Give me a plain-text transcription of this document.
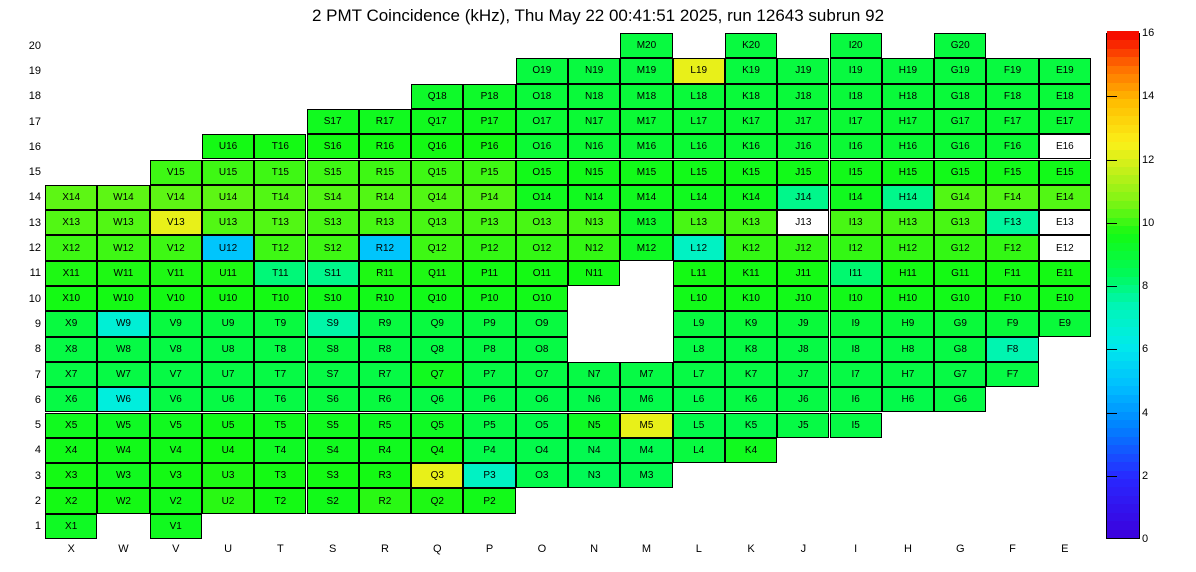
2 PMT Coincidence (kHz), Thu May 22 00:41:51 2025, run 12643 subrun 92
X1	V1
X2	W2	V2	U2	T2	S2	R2	Q2	P2
X3	W3	V3	U3	T3	S3	R3	Q3	P3	O3	N3	M3
X4	W4	V4	U4	T4	S4	R4	Q4	P4	O4	N4	M4	L4	K4
X5	W5	V5	U5	T5	S5	R5	Q5	P5	O5	N5	M5	L5	K5	J5	I5
X6	W6	V6	U6	T6	S6	R6	Q6	P6	O6	N6	M6	L6	K6	J6	I6	H6	G6
X7	W7	V7	U7	T7	S7	R7	Q7	P7	O7	N7	M7	L7	K7	J7	I7	H7	G7	F7
X8	W8	V8	U8	T8	S8	R8	Q8	P8	O8	L8	K8	J8	I8	H8	G8	F8
X9	W9	V9	U9	T9	S9	R9	Q9	P9	O9	L9	K9	J9	I9	H9	G9	F9	E9
X10	W10	V10	U10	T10	S10	R10	Q10	P10	O10	L10	K10	J10	I10	H10	G10	F10	E10
X11	W11	V11	U11	T11	S11	R11	Q11	P11	O11	N11	L11	K11	J11	I11	H11	G11	F11	E11
X12	W12	V12	U12	T12	S12	R12	Q12	P12	O12	N12	M12	L12	K12	J12	I12	H12	G12	F12	E12
X13	W13	V13	U13	T13	S13	R13	Q13	P13	O13	N13	M13	L13	K13	J13	I13	H13	G13	F13	E13
X14	W14	V14	U14	T14	S14	R14	Q14	P14	O14	N14	M14	L14	K14	J14	I14	H14	G14	F14	E14
V15	U15	T15	S15	R15	Q15	P15	O15	N15	M15	L15	K15	J15	I15	H15	G15	F15	E15
U16	T16	S16	R16	Q16	P16	O16	N16	M16	L16	K16	J16	I16	H16	G16	F16	E16
S17	R17	Q17	P17	O17	N17	M17	L17	K17	J17	I17	H17	G17	F17	E17
Q18	P18	O18	N18	M18	L18	K18	J18	I18	H18	G18	F18	E18
O19	N19	M19	L19	K19	J19	I19	H19	G19	F19	E19
M20	K20	I20	G20
1
2
3
4
5
6
7
8
9
10
11
12
13
14
15
16
17
18
19
20
X	W	V	U	T	S	R	Q	P	O	N	M	L	K	J	I	H	G	F	E
0
2
4
6
8
10
12
14
16
